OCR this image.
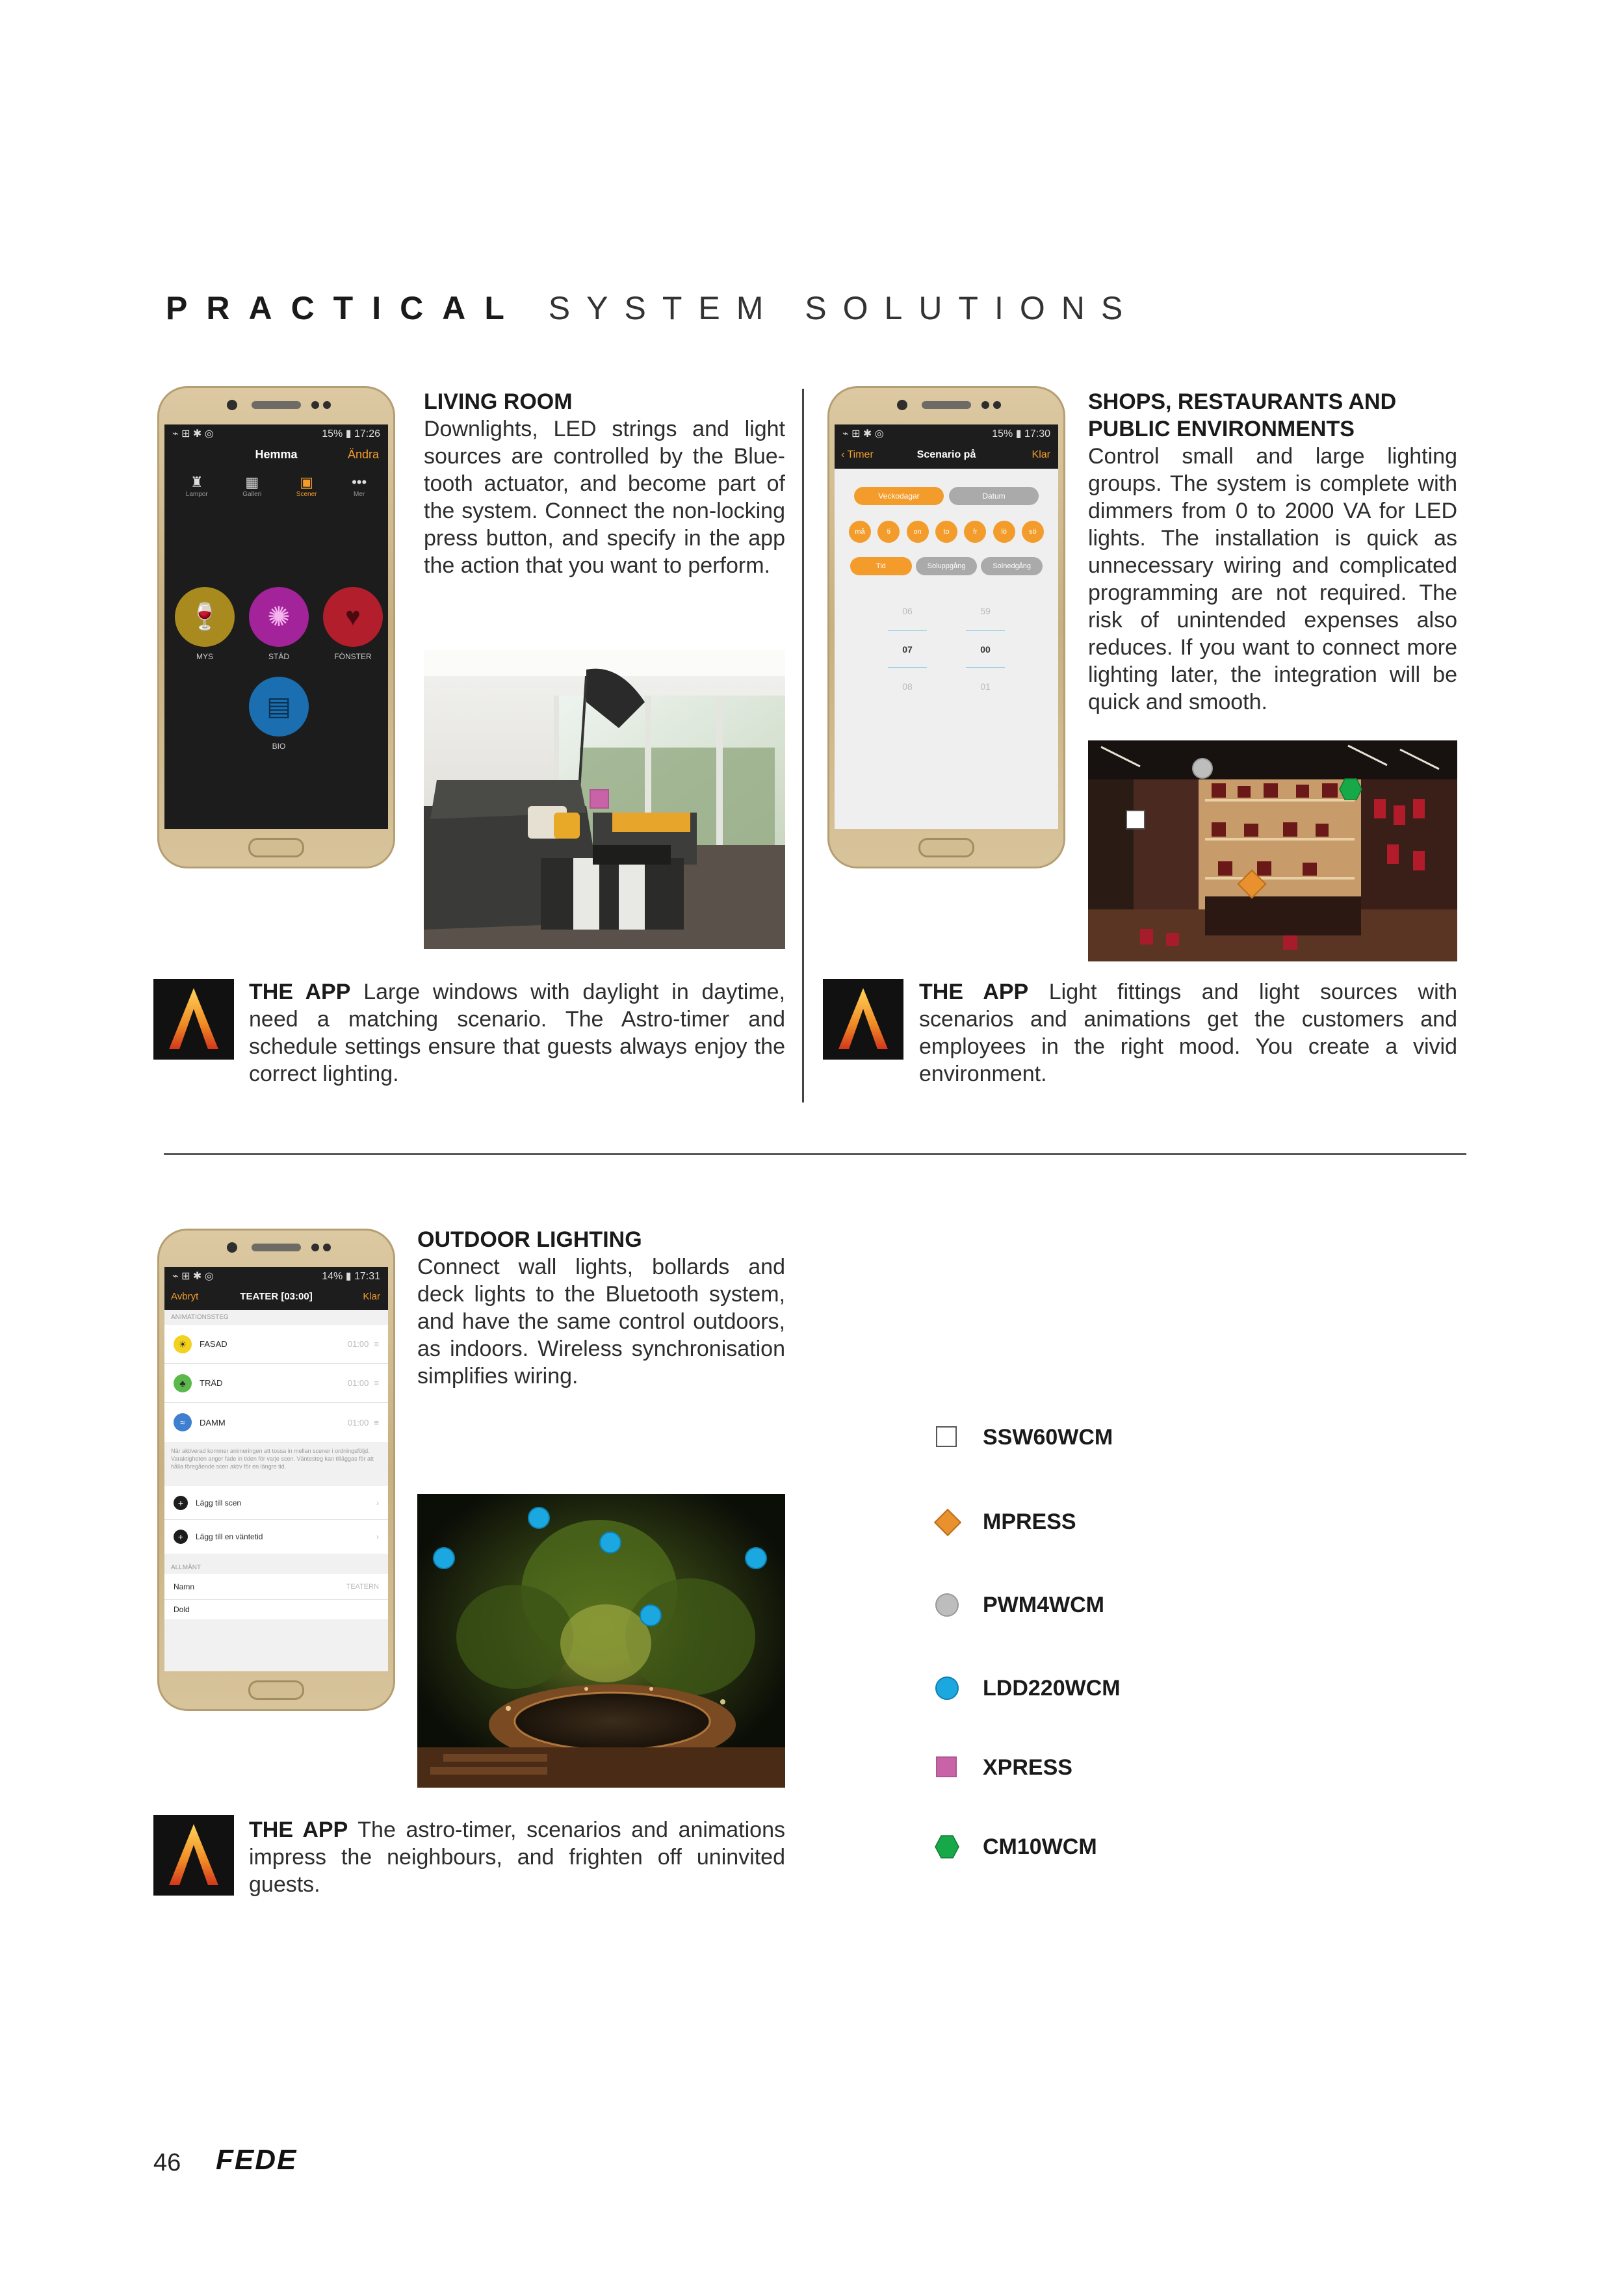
PRACTICAL SYSTEM SOLUTIONS
⌁ ⊞ ✱ ◎	15% ▮ 17:26
Hemma	Ändra
♜
Lampor
▦
Galleri
▣
Scener
•••
Mer
🍷	✺	♥
MYS	STÄD	FÖNSTER
▤
BIO
LIVING ROOM
Downlights, LED strings and light sources are controlled by the Blue-tooth actuator, and become part of the system. Connect the non-locking press button, and specify in the app the action that you want to perform.
THE APP Large windows with daylight in daytime, need a matching scenario. The Astro-timer and schedule settings ensure that guests always enjoy the correct lighting.
⌁ ⊞ ✱ ◎	15% ▮ 17:30
‹ Timer	Scenario på	Klar
Veckodagar	Datum
må	ti	on	to	fr	lö	sö
Tid	Soluppgång	Solnedgång
06
07
08
59
00
01
SHOPS, RESTAURANTS AND
PUBLIC ENVIRONMENTS
Control small and large lighting groups. The system is complete with dimmers from 0 to 2000 VA for LED lights. The installation is quick as unnecessary wiring and complicated programming are not required. The risk of unintended expenses also reduces. If you want to connect more lighting later, the integration will be quick and smooth.
THE APP Light fittings and light sources with scenarios and animations get the customers and employees in the right mood. You create a vivid environment.
⌁ ⊞ ✱ ◎	14% ▮ 17:31
Avbryt	TEATER [03:00]	Klar
ANIMATIONSSTEG
☀	FASAD	01:00 ≡
♣	TRÄD	01:00 ≡
≈	DAMM	01:00 ≡
När aktiverad kommer animeringen att tossa in mellan scener i ordningsföljd. Varaktigheten anger fade in tiden för varje scen. Väntesteg kan tilläggas för att hålla föregående scen aktiv för en längre tid.
+	Lägg till scen	›
+	Lägg till en väntetid	›
ALLMÄNT
Namn	TEATERN
Dold
OUTDOOR LIGHTING
Connect wall lights, bollards and deck lights to the Bluetooth system, and have the same control outdoors, as indoors. Wireless synchronisation simplifies wiring.
THE APP The astro-timer, scenarios and animations impress the neighbours, and frighten off uninvited guests.
SSW60WCM
MPRESS
PWM4WCM
LDD220WCM
XPRESS
CM10WCM
46 FEDE
